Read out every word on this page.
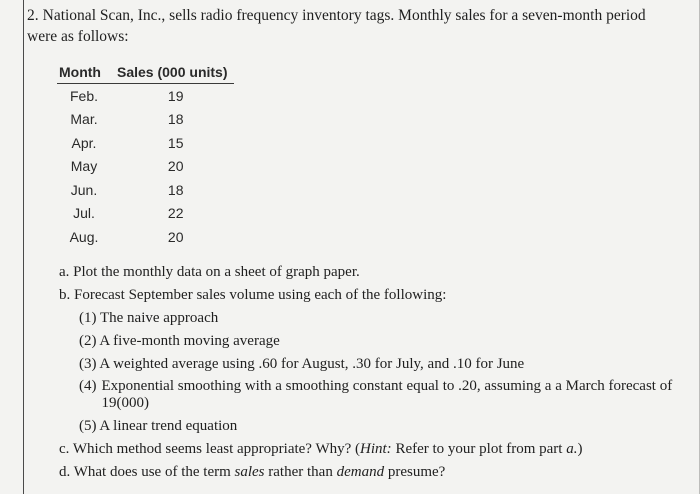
2. National Scan, Inc., sells radio frequency inventory tags. Monthly sales for a seven-month period were as follows:
Month	Sales (000 units)
Feb.	19
Mar.	18
Apr.	15
May	20
Jun.	18
Jul.	22
Aug.	20
a. Plot the monthly data on a sheet of graph paper.
b. Forecast September sales volume using each of the following:
(1) The naive approach
(2) A five-month moving average
(3) A weighted average using .60 for August, .30 for July, and .10 for June
(4) Exponential smoothing with a smoothing constant equal to .20, assuming a a March forecast of 19(000)
(5) A linear trend equation
c. Which method seems least appropriate? Why? (Hint: Refer to your plot from part a.)
d. What does use of the term sales rather than demand presume?
